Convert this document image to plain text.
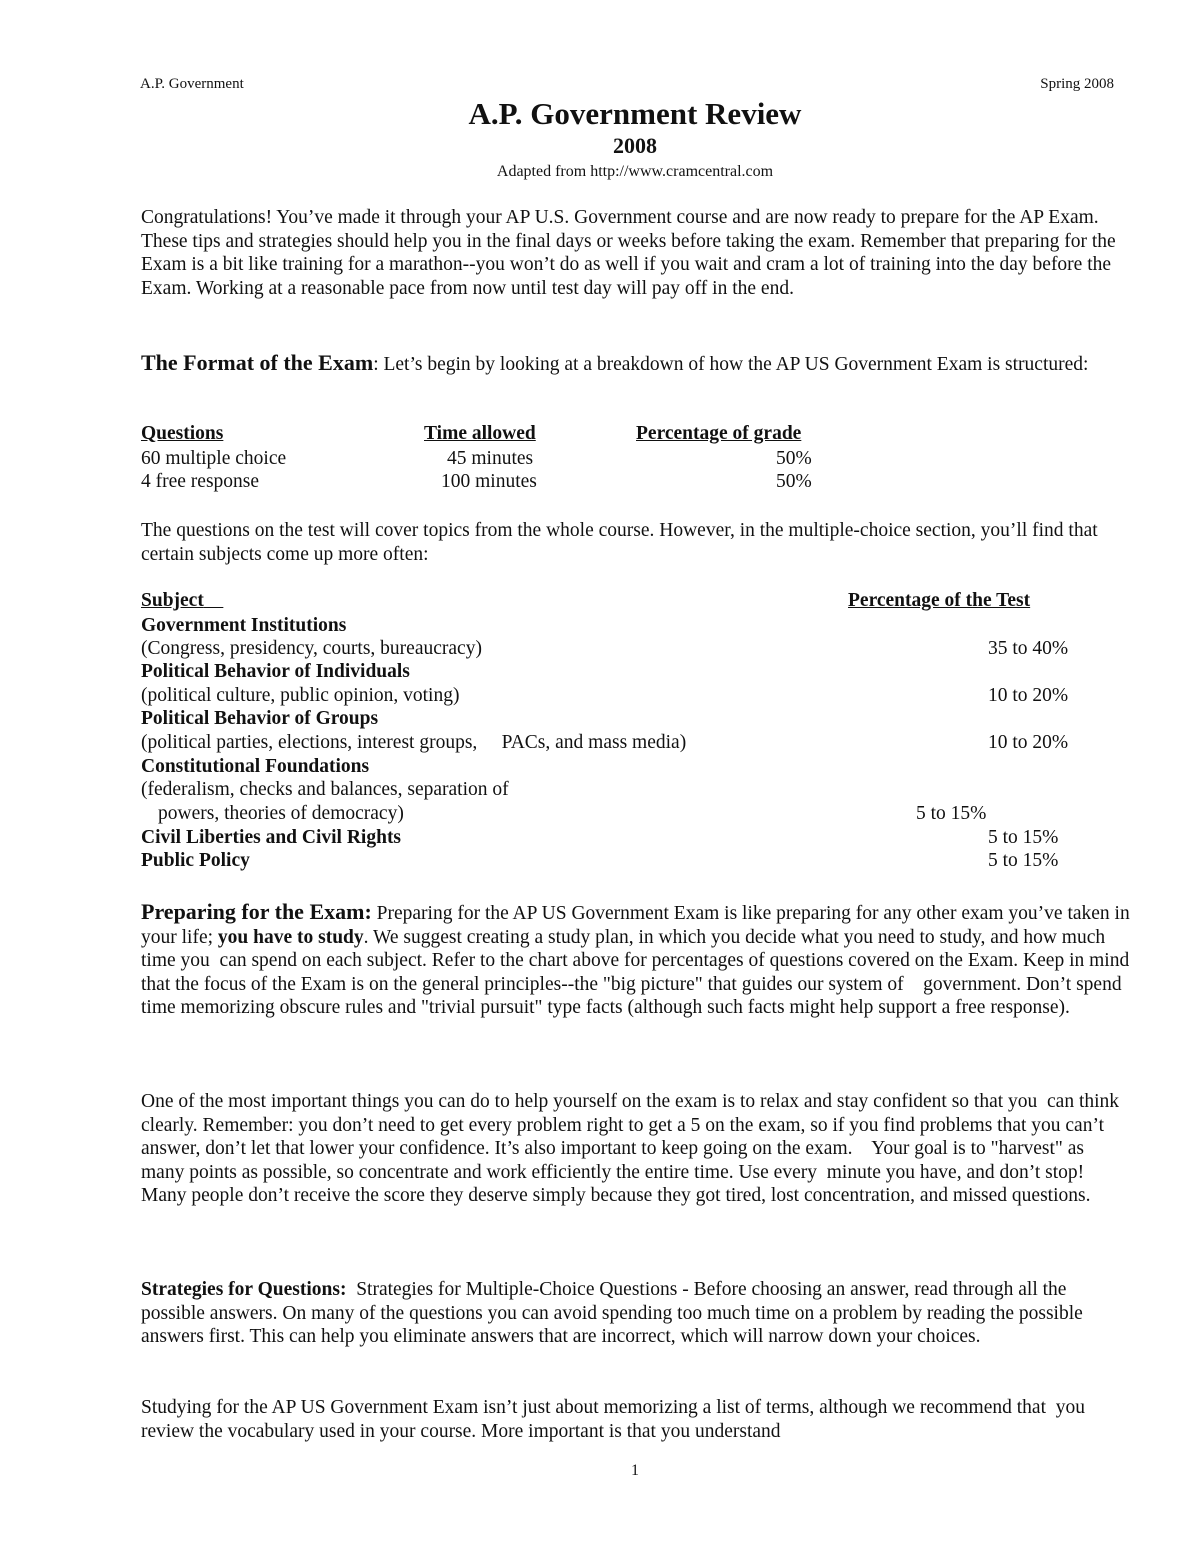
A.P. Government	Spring 2008
A.P. Government Review
2008
Adapted from http://www.cramcentral.com
Congratulations! You’ve made it through your AP U.S. Government course and are now ready to prepare for the AP Exam. These tips and strategies should help you in the final days or weeks before taking the exam. Remember that preparing for the Exam is a bit like training for a marathon--you won’t do as well if you wait and cram a lot of training into the day before the Exam. Working at a reasonable pace from now until test day will pay off in the end.
The Format of the Exam: Let’s begin by looking at a breakdown of how the AP US Government Exam is structured:
Questions	Time allowed	Percentage of grade
60 multiple choice	45 minutes	50%
4 free response	100 minutes	50%
The questions on the test will cover topics from the whole course. However, in the multiple-choice section, you’ll find that certain subjects come up more often:
Subject	Percentage of the Test
Government Institutions
(Congress, presidency, courts, bureaucracy)	35 to 40%
Political Behavior of Individuals
(political culture, public opinion, voting)	10 to 20%
Political Behavior of Groups
(political parties, elections, interest groups,     PACs, and mass media)	10 to 20%
Constitutional Foundations
(federalism, checks and balances, separation of
powers, theories of democracy)	5 to 15%
Civil Liberties and Civil Rights	5 to 15%
Public Policy	5 to 15%
Preparing for the Exam: Preparing for the AP US Government Exam is like preparing for any other exam you’ve taken in your life; you have to study. We suggest creating a study plan, in which you decide what you need to study, and how much time you  can spend on each subject. Refer to the chart above for percentages of questions covered on the Exam. Keep in mind that the focus of the Exam is on the general principles--the "big picture" that guides our system of    government. Don’t spend time memorizing obscure rules and "trivial pursuit" type facts (although such facts might help support a free response).
One of the most important things you can do to help yourself on the exam is to relax and stay confident so that you  can think clearly. Remember: you don’t need to get every problem right to get a 5 on the exam, so if you find problems that you can’t answer, don’t let that lower your confidence. It’s also important to keep going on the exam.    Your goal is to "harvest" as many points as possible, so concentrate and work efficiently the entire time. Use every  minute you have, and don’t stop! Many people don’t receive the score they deserve simply because they got tired, lost concentration, and missed questions.
Strategies for Questions:  Strategies for Multiple-Choice Questions - Before choosing an answer, read through all the possible answers. On many of the questions you can avoid spending too much time on a problem by reading the possible answers first. This can help you eliminate answers that are incorrect, which will narrow down your choices.
Studying for the AP US Government Exam isn’t just about memorizing a list of terms, although we recommend that  you review the vocabulary used in your course. More important is that you understand
1
